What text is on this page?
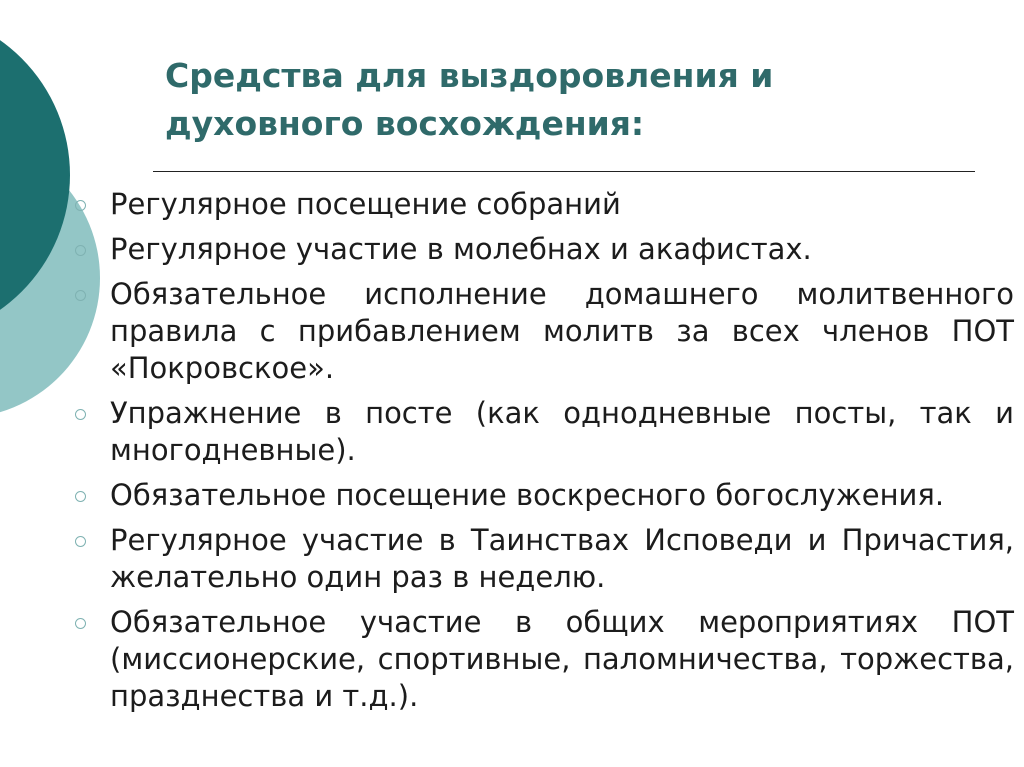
Средства для выздоровления и
духовного восхождения:
Регулярное посещение собраний
Регулярное участие в молебнах и акафистах.
Обязательное исполнение домашнего молитвенного правила с прибавлением молитв за всех членов ПОТ «Покровское».
Упражнение в посте (как однодневные посты, так и многодневные).
Обязательное посещение воскресного богослужения.
Регулярное участие в Таинствах Исповеди и Причастия, желательно один раз в неделю.
Обязательное участие в общих мероприятиях ПОТ (миссионерские, спортивные, паломничества, торжества, празднества и т.д.).
